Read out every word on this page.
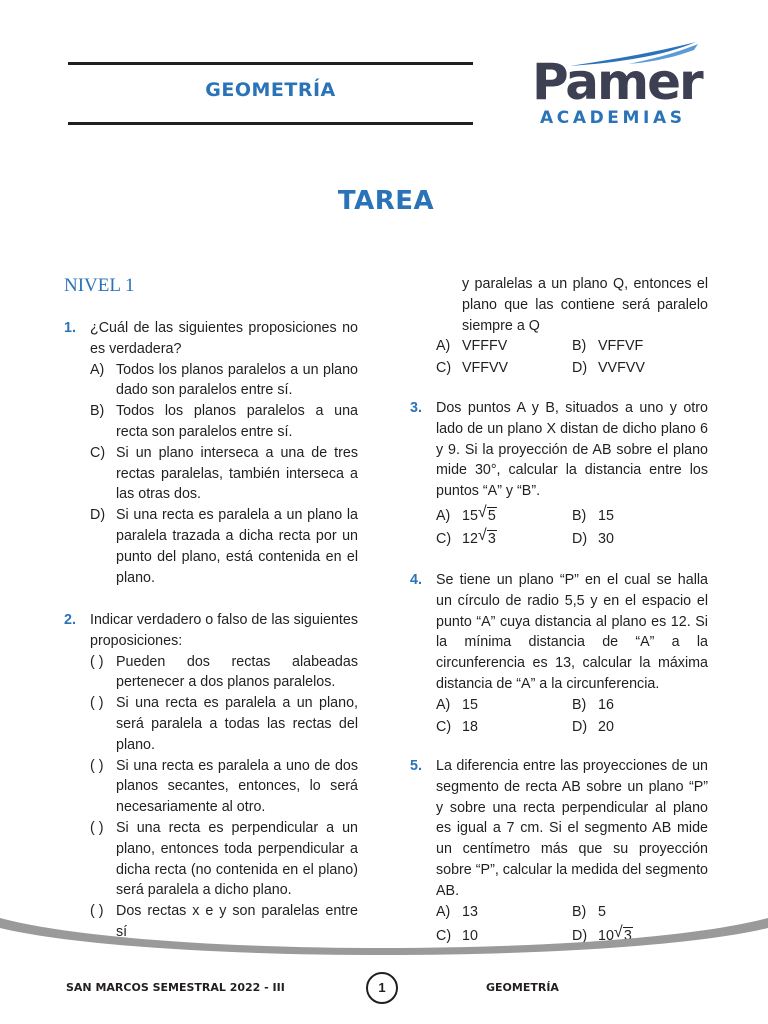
GEOMETRÍA	Pamer
ACADEMIAS
TAREA
NIVEL 1
1. ¿Cuál de las siguientes proposiciones no es verdadera?
A) Todos los planos paralelos a un plano dado son paralelos entre sí.
B) Todos los planos paralelos a una recta son paralelos entre sí.
C) Si un plano interseca a una de tres rectas paralelas, también interseca a las otras dos.
D) Si una recta es paralela a un plano la paralela trazada a dicha recta por un punto del plano, está contenida en el plano.
2. Indicar verdadero o falso de las siguientes proposiciones:
( ) Pueden dos rectas alabeadas pertenecer a dos planos paralelos.
( ) Si una recta es paralela a un plano, será paralela a todas las rectas del plano.
( ) Si una recta es paralela a uno de dos planos secantes, entonces, lo será necesariamente al otro.
( ) Si una recta es perpendicular a un plano, entonces toda perpendicular a dicha recta (no contenida en el plano) será paralela a dicho plano.
( ) Dos rectas x e y son paralelas entre sí
y paralelas a un plano Q, entonces el plano que las contiene será paralelo siempre a Q
A) VFFFV	B) VFFVF
C) VFFVV	D) VVFVV
3. Dos puntos A y B, situados a uno y otro lado de un plano X distan de dicho plano 6 y 9. Si la proyección de AB sobre el plano mide 30°, calcular la distancia entre los puntos “A” y “B”.
A) 15 √ 5	B) 15
C) 12 √ 3	D) 30
4. Se tiene un plano “P” en el cual se halla un círculo de radio 5,5 y en el espacio el punto “A” cuya distancia al plano es 12. Si la mínima distancia de “A” a la circunferencia es 13, calcular la máxima distancia de “A” a la circunferencia.
A) 15	B) 16
C) 18	D) 20
5. La diferencia entre las proyecciones de un segmento de recta AB sobre un plano “P” y sobre una recta perpendicular al plano es igual a 7 cm. Si el segmento AB mide un centímetro más que su proyección sobre “P”, calcular la medida del segmento AB.
A) 13	B) 5
C) 10	D) 10 √ 3
SAN MARCOS SEMESTRAL 2022 - III	1	GEOMETRÍA
